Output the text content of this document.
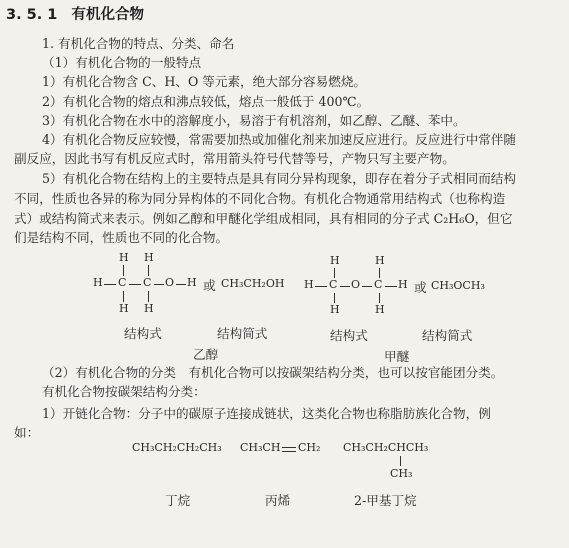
3. 5. 1 有机化合物
1. 有机化合物的特点、分类、命名
（1）有机化合物的一般特点
1）有机化合物含 C、H、O 等元素，绝大部分容易燃烧。
2）有机化合物的熔点和沸点较低，熔点一般低于 400℃。
3）有机化合物在水中的溶解度小，易溶于有机溶剂，如乙醇、乙醚、苯中。
4）有机化合物反应较慢，常需要加热或加催化剂来加速反应进行。反应进行中常伴随
副反应，因此书写有机反应式时，常用箭头符号代替等号，产物只写主要产物。
5）有机化合物在结构上的主要特点是具有同分异构现象，即存在着分子式相同而结构
不同，性质也各异的称为同分异构体的不同化合物。有机化合物通常用结构式（也称构造
式）或结构简式来表示。例如乙醇和甲醚化学组成相同，具有相同的分子式 C₂H₆O，但它
们是结构不同，性质也不同的化合物。
H H
H C C O H
H H
或 CH₃CH₂OH
结构式	结构简式
乙醇
H	H
H C O C H
H	H
或 CH₃OCH₃
结构式	结构简式
甲醚
（2）有机化合物的分类　有机化合物可以按碳架结构分类，也可以按官能团分类。
有机化合物按碳架结构分类：
1）开链化合物：分子中的碳原子连接成链状，这类化合物也称脂肪族化合物，例
如：
CH₃CH₂CH₂CH₃ CH₃CH CH₂ CH₃CH₂CHCH₃
CH₃
丁烷	丙烯	2-甲基丁烷
